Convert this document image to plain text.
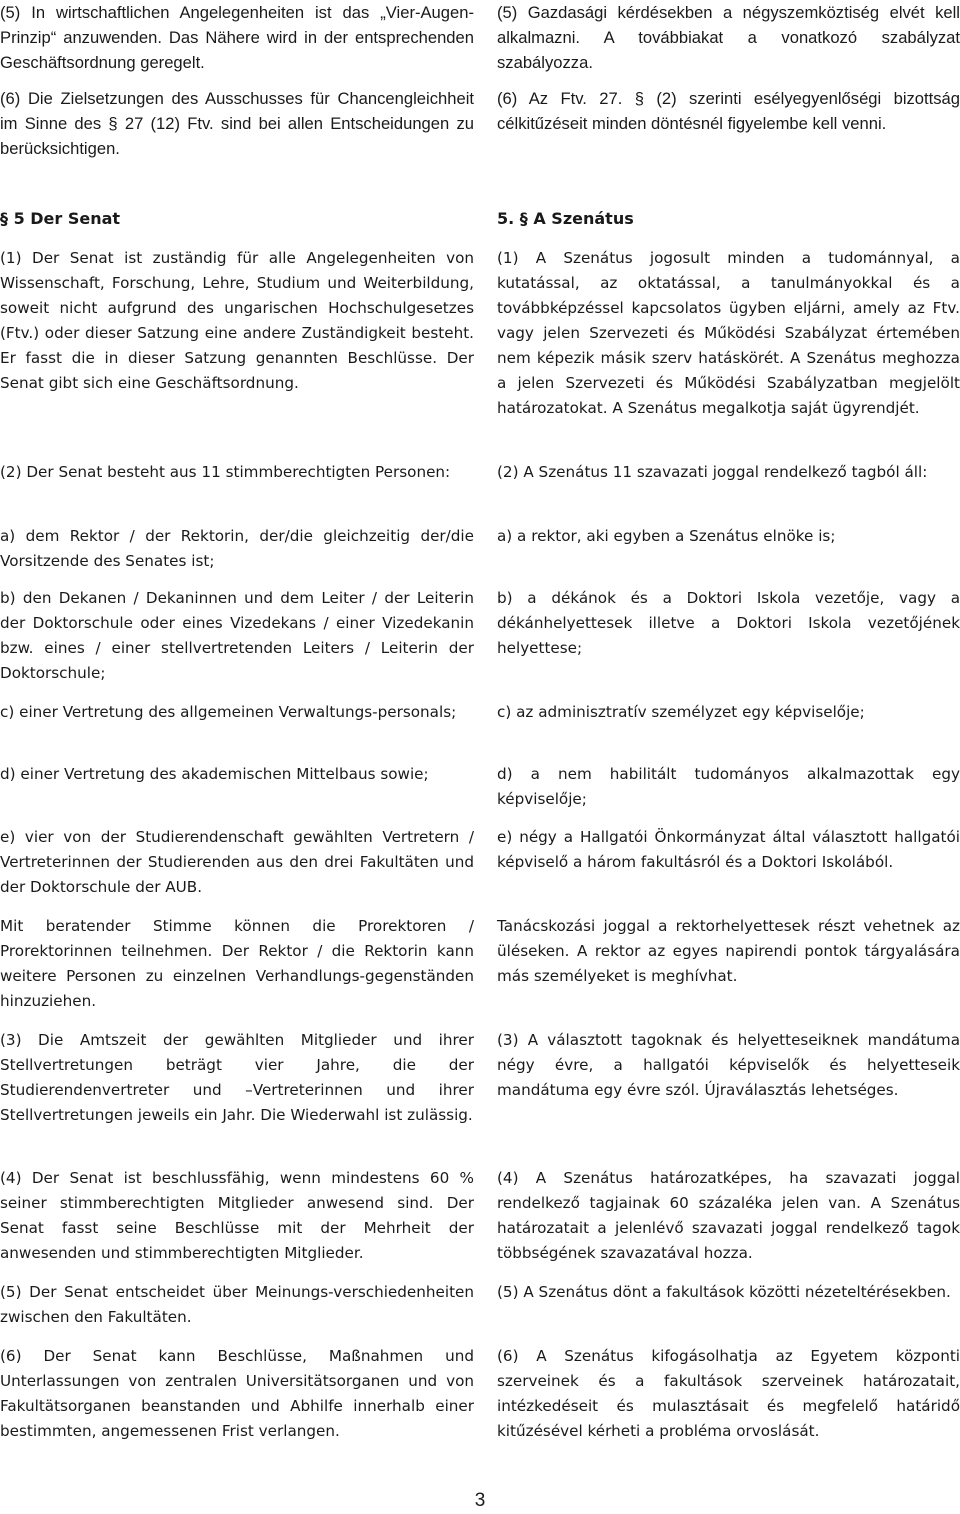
(5) In wirtschaftlichen Angelegenheiten ist das „Vier-Augen-Prinzip“ anzuwenden. Das Nähere wird in der entsprechenden Geschäftsordnung geregelt.

(6) Die Zielsetzungen des Ausschusses für Chancengleichheit im Sinne des § 27 (12) Ftv. sind bei allen Entscheidungen zu berücksichtigen.

§ 5 Der Senat

(1) Der Senat ist zuständig für alle Angelegenheiten von Wissenschaft, Forschung, Lehre, Studium und Weiterbildung, soweit nicht aufgrund des ungarischen Hochschulgesetzes (Ftv.) oder dieser Satzung eine andere Zuständigkeit besteht. Er fasst die in dieser Satzung genannten Beschlüsse. Der Senat gibt sich eine Geschäftsordnung.

(2) Der Senat besteht aus 11 stimmberechtigten Personen:

a) dem Rektor / der Rektorin, der/die gleichzeitig der/die Vorsitzende des Senates ist;

b) den Dekanen / Dekaninnen und dem Leiter / der Leiterin der Doktorschule oder eines Vizedekans / einer Vizedekanin bzw. eines / einer stellvertretenden Leiters / Leiterin der Doktorschule;

c) einer Vertretung des allgemeinen Verwaltungs-personals;

d) einer Vertretung des akademischen Mittelbaus sowie;

e) vier von der Studierendenschaft gewählten Vertretern / Vertreterinnen der Studierenden aus den drei Fakultäten und der Doktorschule der AUB.

Mit beratender Stimme können die Prorektoren / Prorektorinnen teilnehmen. Der Rektor / die Rektorin kann weitere Personen zu einzelnen Verhandlungs-gegenständen hinzuziehen.

(3) Die Amtszeit der gewählten Mitglieder und ihrer Stellvertretungen beträgt vier Jahre, die der Studierendenvertreter und –Vertreterinnen und ihrer Stellvertretungen jeweils ein Jahr. Die Wiederwahl ist zulässig.

(4) Der Senat ist beschlussfähig, wenn mindestens 60 % seiner stimmberechtigten Mitglieder anwesend sind. Der Senat fasst seine Beschlüsse mit der Mehrheit der anwesenden und stimmberechtigten Mitglieder.

(5) Der Senat entscheidet über Meinungs-verschiedenheiten zwischen den Fakultäten.

(6) Der Senat kann Beschlüsse, Maßnahmen und Unterlassungen von zentralen Universitätsorganen und von Fakultätsorganen beanstanden und Abhilfe innerhalb einer bestimmten, angemessenen Frist verlangen.

(5) Gazdasági kérdésekben a négyszemköztiség elvét kell alkalmazni. A továbbiakat a vonatkozó szabályzat szabályozza.

(6) Az Ftv. 27. § (2) szerinti esélyegyenlőségi bizottság célkitűzéseit minden döntésnél figyelembe kell venni.

5. § A Szenátus

(1) A Szenátus jogosult minden a tudománnyal, a kutatással, az oktatással, a tanulmányokkal és a továbbképzéssel kapcsolatos ügyben eljárni, amely az Ftv. vagy jelen Szervezeti és Működési Szabályzat értemében nem képezik másik szerv hatáskörét. A Szenátus meghozza a jelen Szervezeti és Működési Szabályzatban megjelölt határozatokat. A Szenátus megalkotja saját ügyrendjét.

(2) A Szenátus 11 szavazati joggal rendelkező tagból áll:

a) a rektor, aki egyben a Szenátus elnöke is;

b) a dékánok és a Doktori Iskola vezetője, vagy a dékánhelyettesek illetve a Doktori Iskola vezetőjének helyettese;

c) az adminisztratív személyzet egy képviselője;

d) a nem habilitált tudományos alkalmazottak egy képviselője;

e) négy a Hallgatói Önkormányzat által választott hallgatói képviselő a három fakultásról és a Doktori Iskolából.

Tanácskozási joggal a rektorhelyettesek részt vehetnek az üléseken. A rektor az egyes napirendi pontok tárgyalására más személyeket is meghívhat.

(3) A választott tagoknak és helyetteseiknek mandátuma négy évre, a hallgatói képviselők és helyetteseik mandátuma egy évre szól. Újraválasztás lehetséges.

(4) A Szenátus határozatképes, ha szavazati joggal rendelkező tagjainak 60 százaléka jelen van. A Szenátus határozatait a jelenlévő szavazati joggal rendelkező tagok többségének szavazatával hozza.

(5) A Szenátus dönt a fakultások közötti nézeteltérésekben.

(6) A Szenátus kifogásolhatja az Egyetem központi szerveinek és a fakultások szerveinek határozatait, intézkedéseit és mulasztásait és megfelelő határidő kitűzésével kérheti a probléma orvoslását.

3
